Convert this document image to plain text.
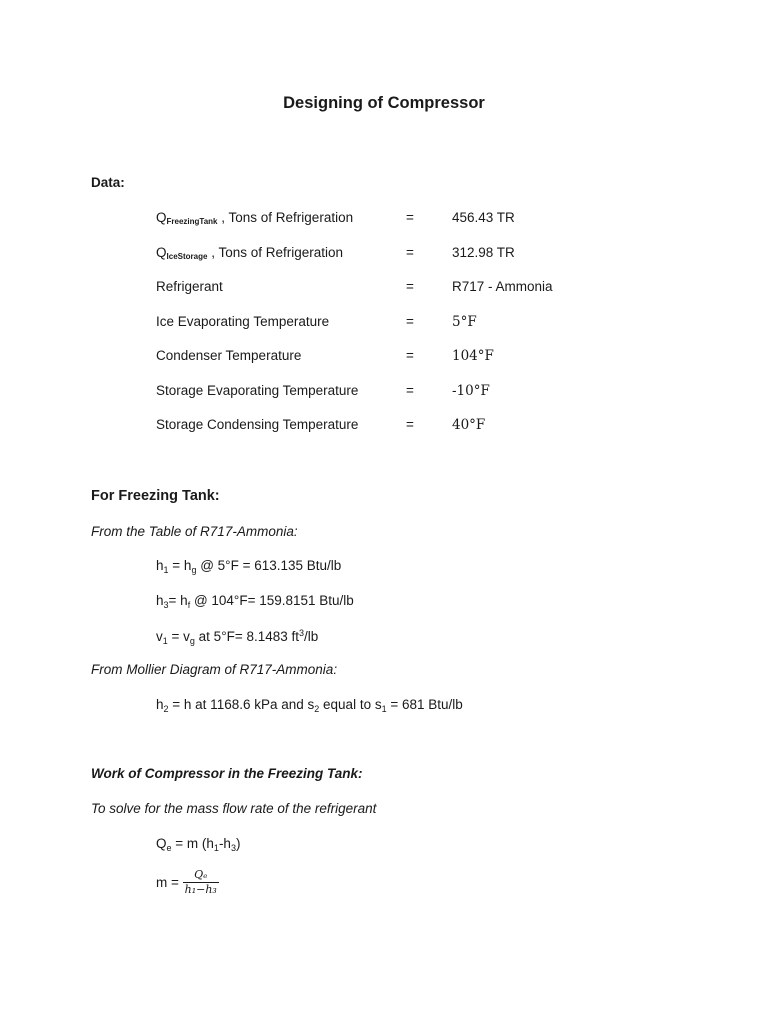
Designing of Compressor
Data:
$Q_{FreezingTank}$ , Tons of Refrigeration	=	456.43 TR
$Q_{IceStorage}$ , Tons of Refrigeration	=	312.98 TR
Refrigerant	=	R717 - Ammonia
Ice Evaporating Temperature	=	5°F
Condenser Temperature	=	104°F
Storage Evaporating Temperature	=	-10°F
Storage Condensing Temperature	=	40°F
For Freezing Tank:
From the Table of R717-Ammonia:
$h_1 = h_g$ @ 5°F = 613.135 Btu/lb
$h_3= h_f$ @ 104°F= 159.8151 Btu/lb
$v_1 = v_g$ at 5°F= 8.1483 $ft^3/lb$
From Mollier Diagram of R717-Ammonia:
$h_2 = h$ at 1168.6 kPa and $s_2$ equal to $s_1 = 681$ Btu/lb
Work of Compressor in the Freezing Tank:
To solve for the mass flow rate of the refrigerant
$Q_e = m$ $(h_1-h_3)$
$m = \frac{\text{Qₑ}}{\text{h₁−h₃}}$
